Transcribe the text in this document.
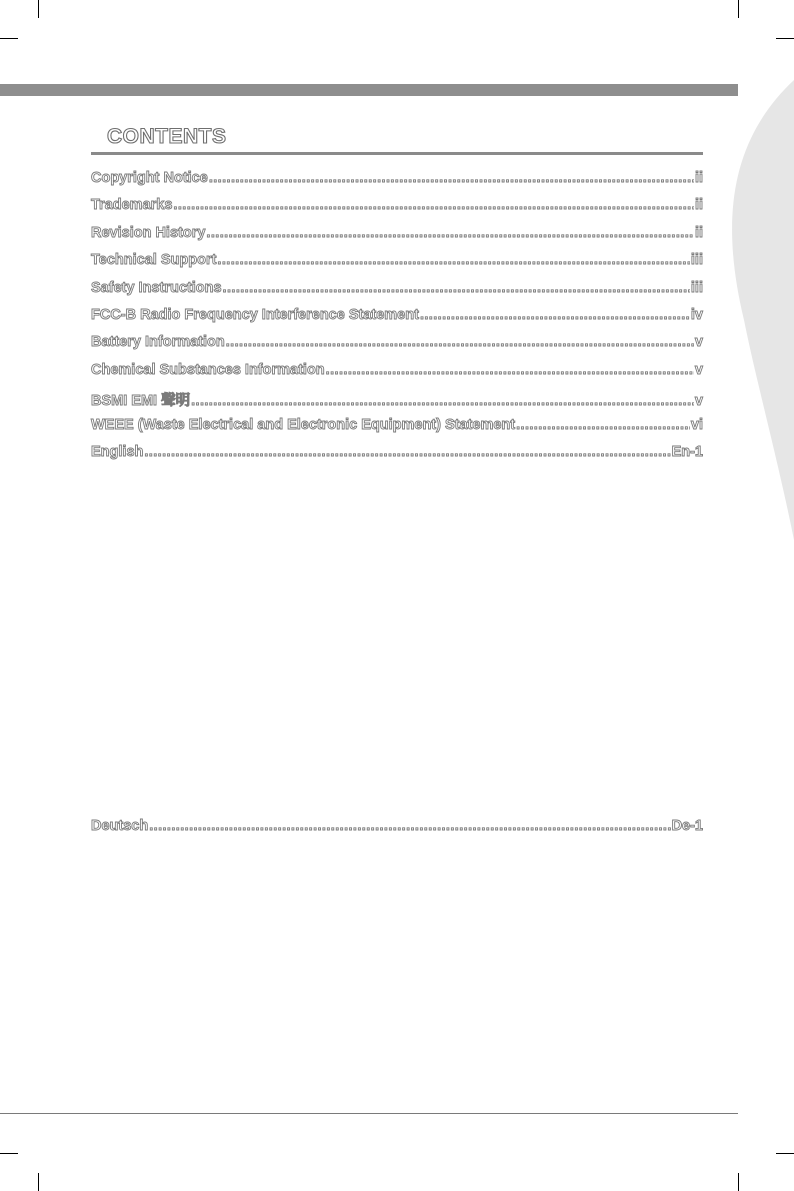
CONTENTS
Copyright Notice .....	ii
Trademarks .....	ii
Revision History .....	ii
Technical Support .....	iii
Safety Instructions .....	iii
FCC-B Radio Frequency Interference Statement .....	iv
Battery Information .....	v
Chemical Substances Information .....	v
BSMI EMI 聲明 .....	v
WEEE (Waste Electrical and Electronic Equipment) Statement .....	vi
English .....	En-1
Deutsch .....	De-1
